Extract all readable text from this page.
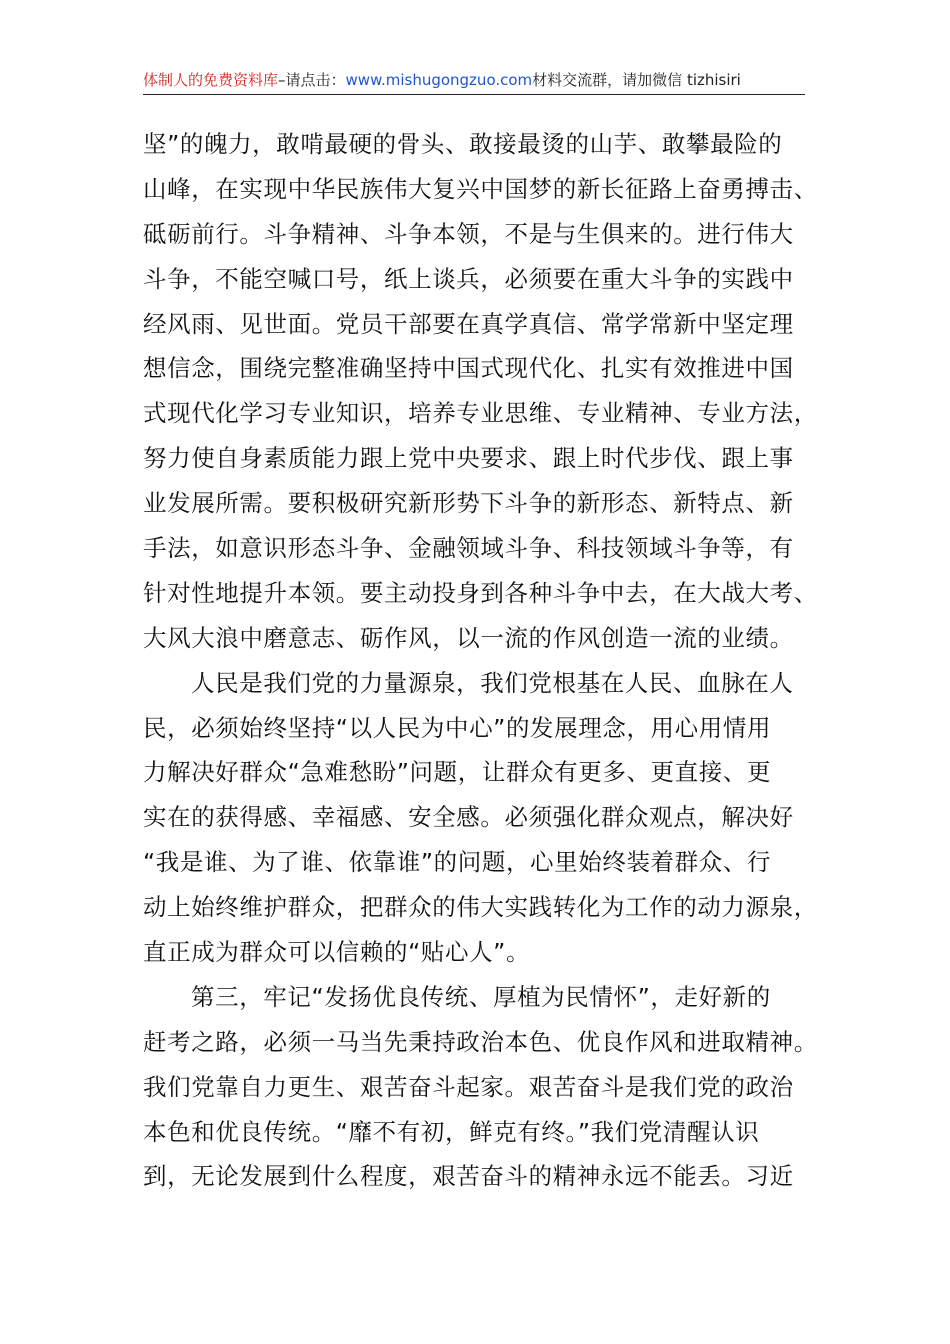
体制人的免费资料库–请点击：www.mishugongzuo.com材料交流群，请加微信 tizhisiri
坚”的魄力，敢啃最硬的骨头、敢接最烫的山芋、敢攀最险的
山峰，在实现中华民族伟大复兴中国梦的新长征路上奋勇搏击、
砥砺前行。斗争精神、斗争本领，不是与生俱来的。进行伟大
斗争，不能空喊口号，纸上谈兵，必须要在重大斗争的实践中
经风雨、见世面。党员干部要在真学真信、常学常新中坚定理
想信念，围绕完整准确坚持中国式现代化、扎实有效推进中国
式现代化学习专业知识，培养专业思维、专业精神、专业方法，
努力使自身素质能力跟上党中央要求、跟上时代步伐、跟上事
业发展所需。要积极研究新形势下斗争的新形态、新特点、新
手法，如意识形态斗争、金融领域斗争、科技领域斗争等，有
针对性地提升本领。要主动投身到各种斗争中去，在大战大考、
大风大浪中磨意志、砺作风，以一流的作风创造一流的业绩。
人民是我们党的力量源泉，我们党根基在人民、血脉在人
民，必须始终坚持“以人民为中心”的发展理念，用心用情用
力解决好群众“急难愁盼”问题，让群众有更多、更直接、更
实在的获得感、幸福感、安全感。必须强化群众观点，解决好
“我是谁、为了谁、依靠谁”的问题，心里始终装着群众、行
动上始终维护群众，把群众的伟大实践转化为工作的动力源泉，
直正成为群众可以信赖的“贴心人”。
第三，牢记“发扬优良传统、厚植为民情怀”，走好新的
赶考之路，必须一马当先秉持政治本色、优良作风和进取精神。
我们党靠自力更生、艰苦奋斗起家。艰苦奋斗是我们党的政治
本色和优良传统。“靡不有初，鲜克有终。”我们党清醒认识
到，无论发展到什么程度，艰苦奋斗的精神永远不能丢。习近
